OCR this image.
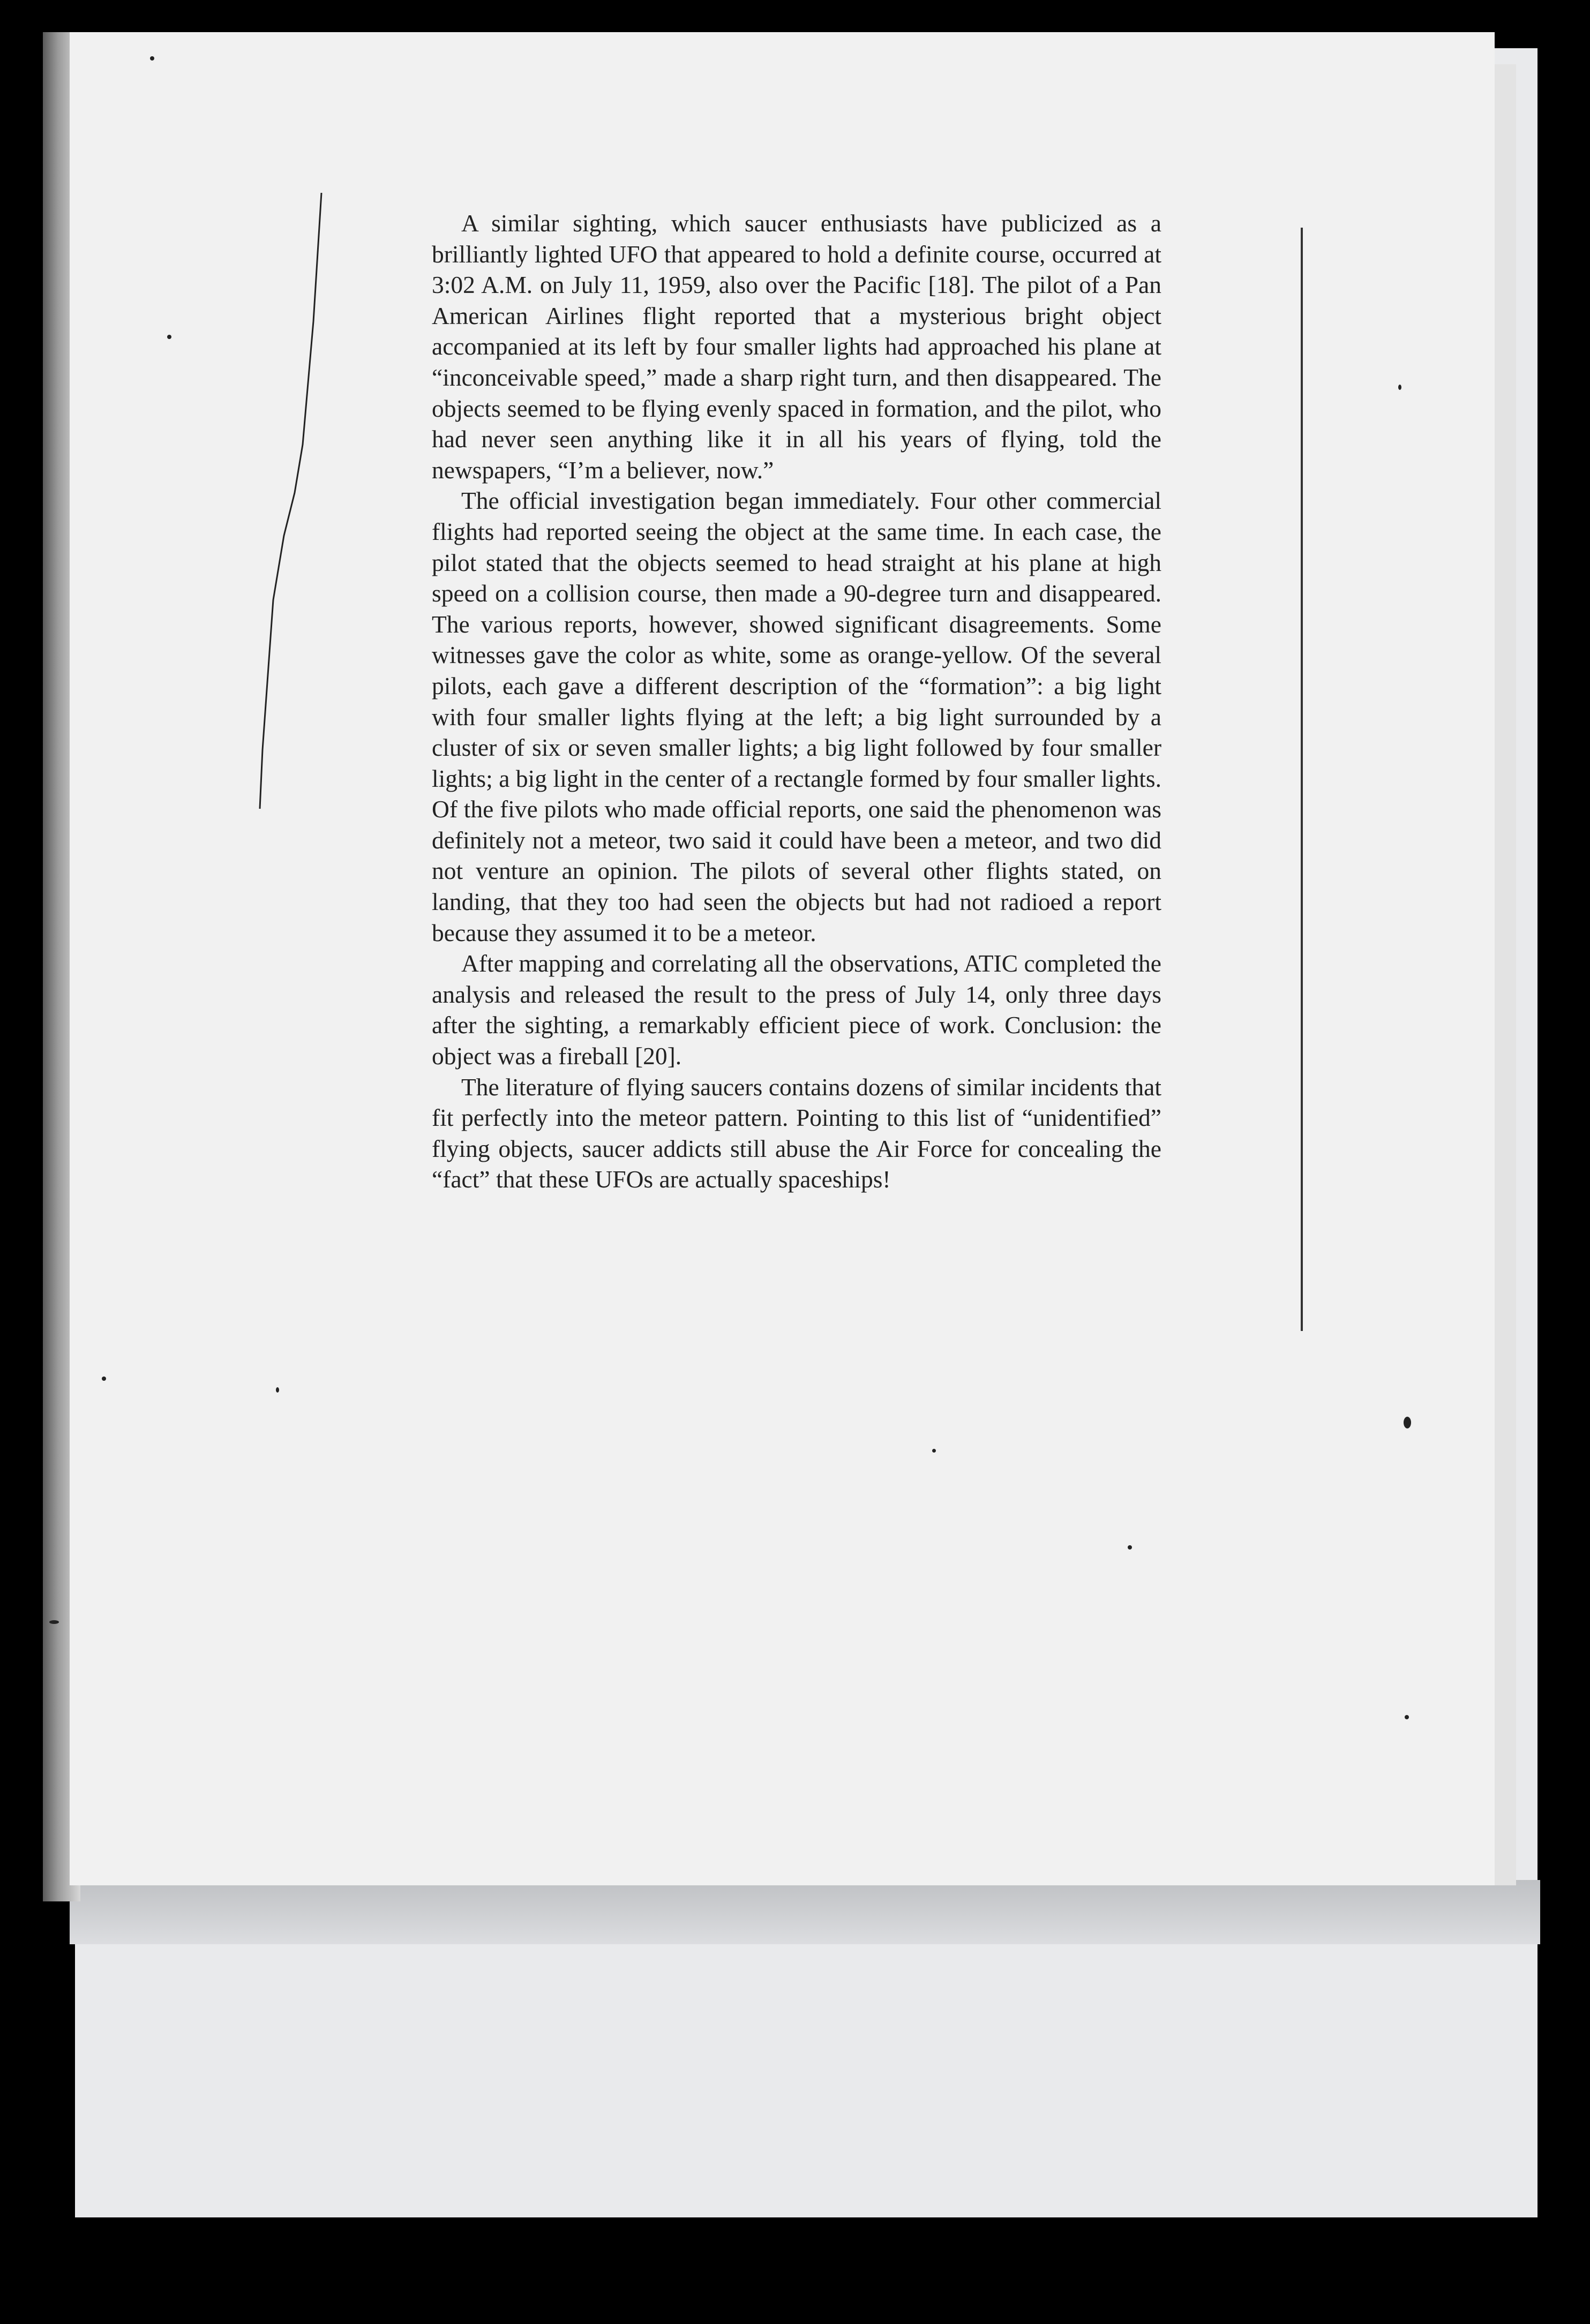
A similar sighting, which saucer enthusiasts have publicized as a brilliantly lighted UFO that appeared to hold a definite course, occurred at 3:02 A.M. on July 11, 1959, also over the Pacific [18]. The pilot of a Pan American Airlines flight reported that a mysterious bright object accompanied at its left by four smaller lights had approached his plane at “inconceivable speed,” made a sharp right turn, and then disappeared. The objects seemed to be flying evenly spaced in formation, and the pilot, who had never seen anything like it in all his years of flying, told the newspapers, “I’m a believer, now.”

The official investigation began immediately. Four other commercial flights had reported seeing the object at the same time. In each case, the pilot stated that the objects seemed to head straight at his plane at high speed on a collision course, then made a 90-degree turn and disappeared. The various reports, however, showed significant disagreements. Some witnesses gave the color as white, some as orange-yellow. Of the several pilots, each gave a different description of the “formation”: a big light with four smaller lights flying at the left; a big light surrounded by a cluster of six or seven smaller lights; a big light followed by four smaller lights; a big light in the center of a rectangle formed by four smaller lights. Of the five pilots who made official reports, one said the phenomenon was definitely not a meteor, two said it could have been a meteor, and two did not venture an opinion. The pilots of several other flights stated, on landing, that they too had seen the objects but had not radioed a report because they assumed it to be a meteor.

After mapping and correlating all the observations, ATIC completed the analysis and released the result to the press of July 14, only three days after the sighting, a remarkably efficient piece of work. Conclusion: the object was a fireball [20].

The literature of flying saucers contains dozens of similar incidents that fit perfectly into the meteor pattern. Pointing to this list of “unidentified” flying objects, saucer addicts still abuse the Air Force for concealing the “fact” that these UFOs are actually spaceships!
